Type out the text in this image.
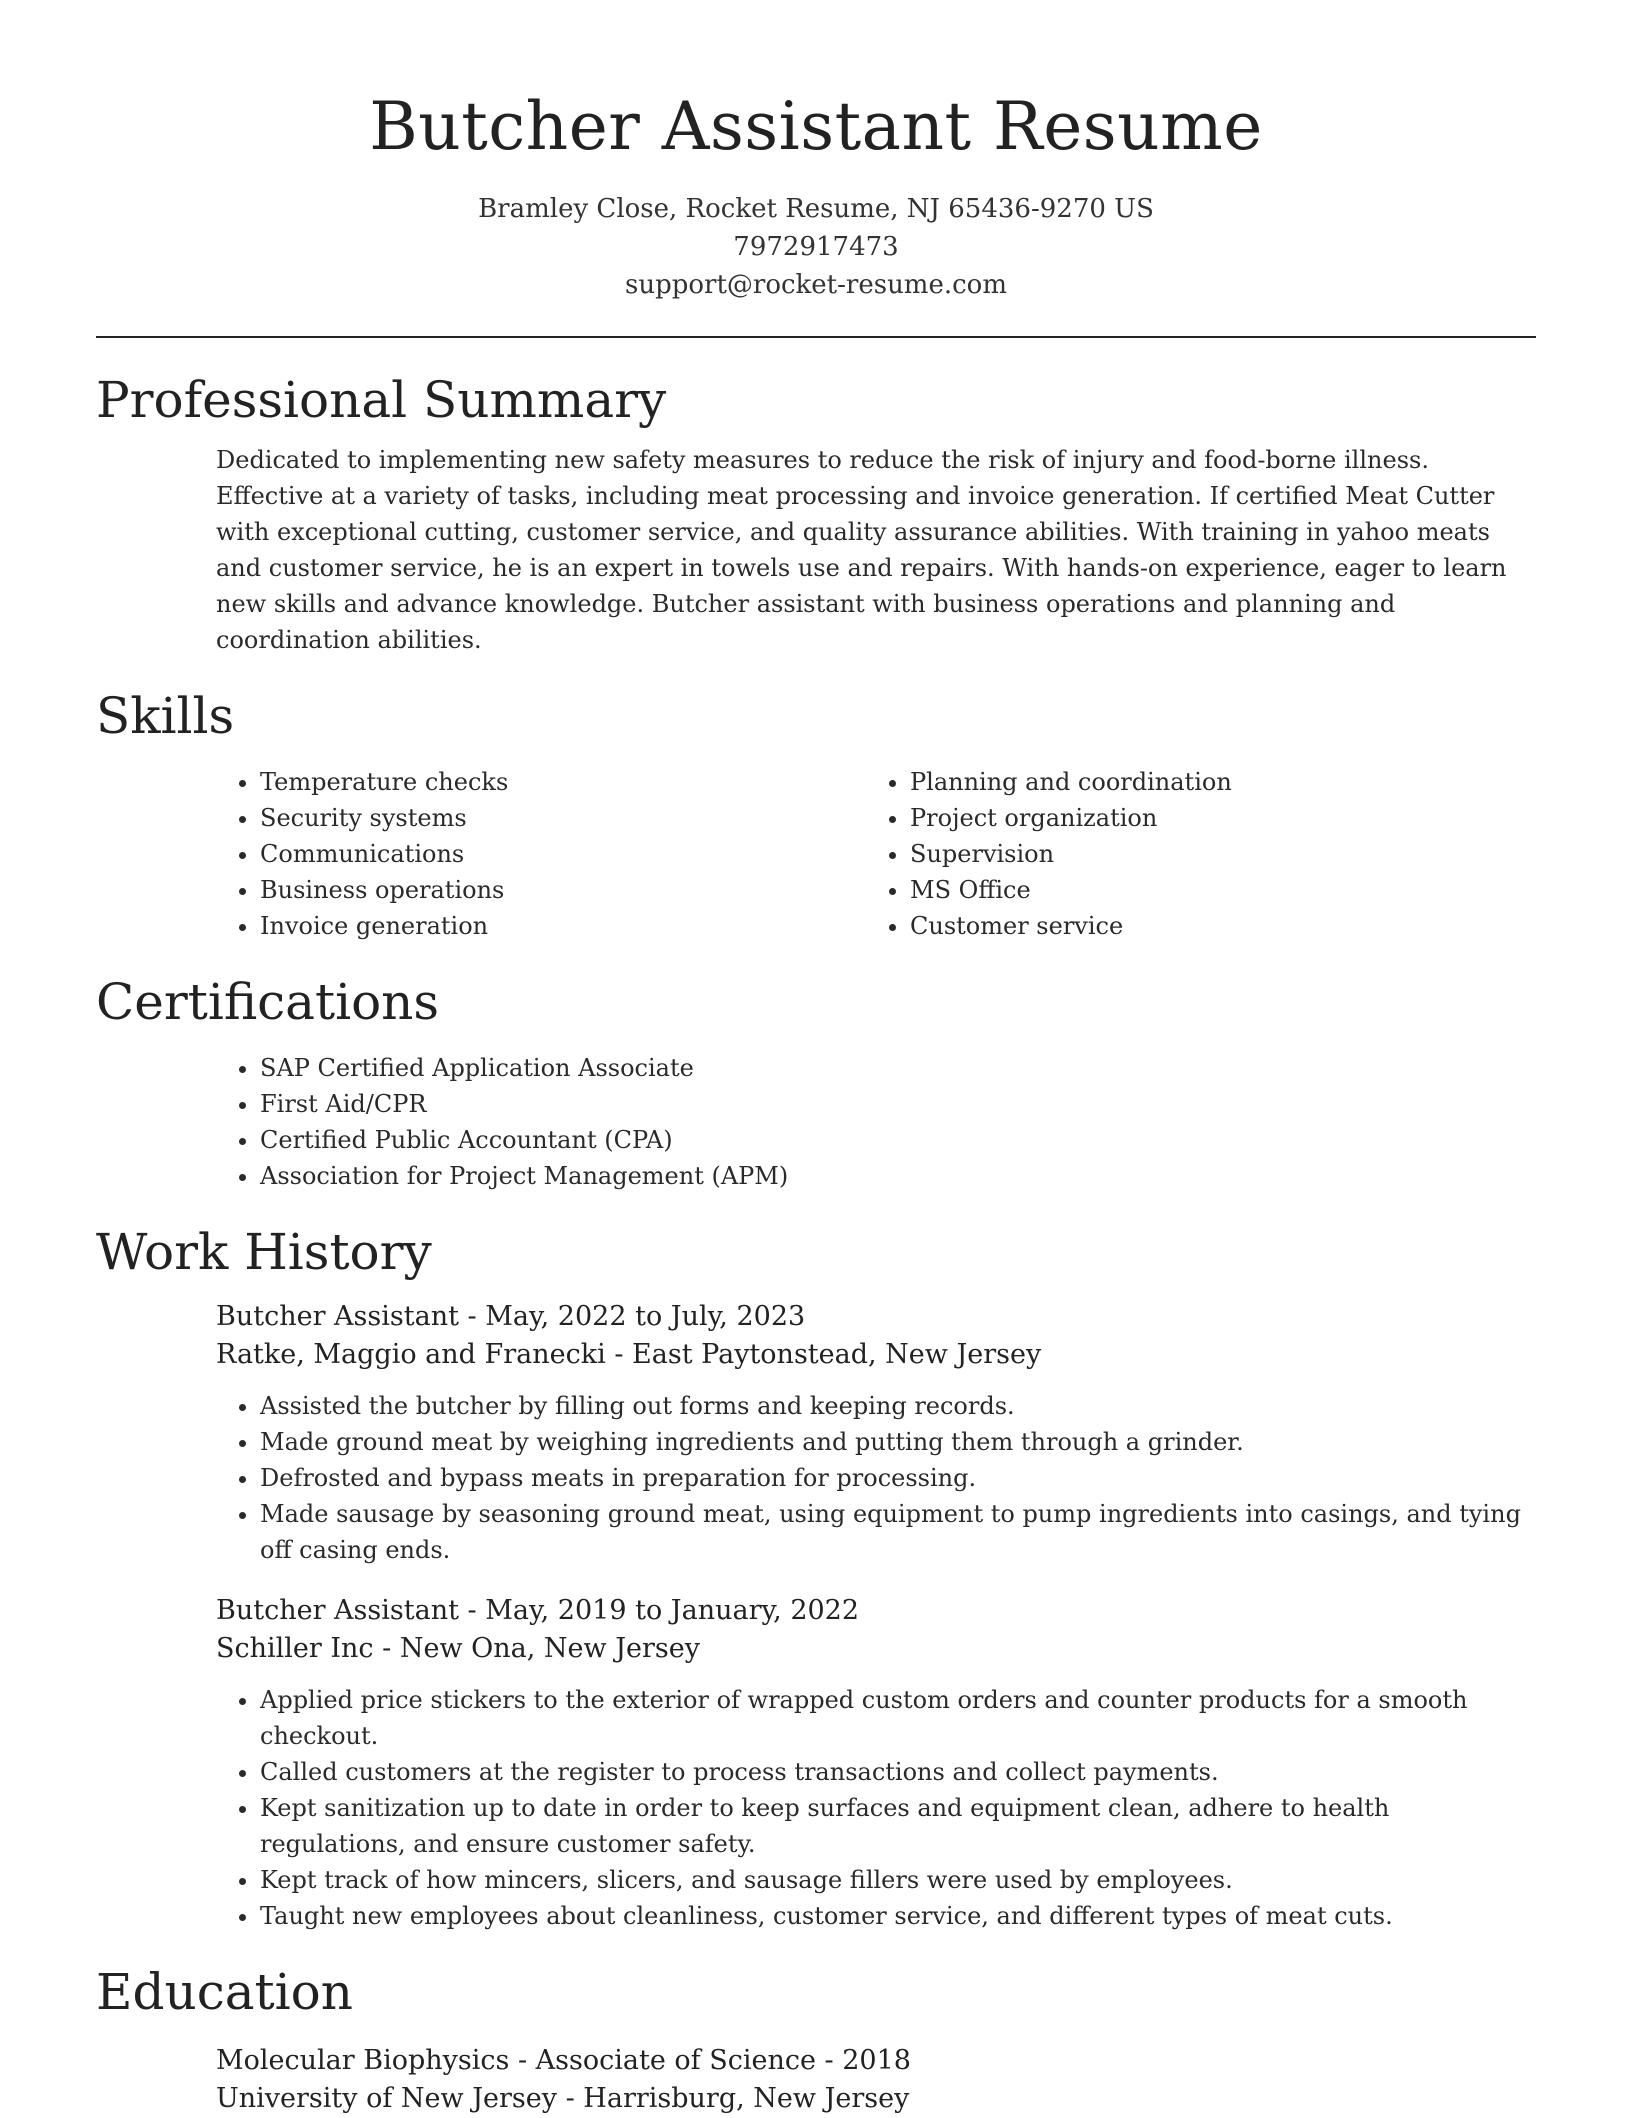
Butcher Assistant Resume
Bramley Close, Rocket Resume, NJ 65436-9270 US
7972917473
support@rocket-resume.com
Professional Summary

Dedicated to implementing new safety measures to reduce the risk of injury and food-borne illness. Effective at a variety of tasks, including meat processing and invoice generation. If certified Meat Cutter with exceptional cutting, customer service, and quality assurance abilities. With training in yahoo meats and customer service, he is an expert in towels use and repairs. With hands-on experience, eager to learn new skills and advance knowledge. Butcher assistant with business operations and planning and coordination abilities.

Skills
• Temperature checks
• Security systems
• Communications
• Business operations
• Invoice generation
• Planning and coordination
• Project organization
• Supervision
• MS Office
• Customer service
Certifications
• SAP Certified Application Associate
• First Aid/CPR
• Certified Public Accountant (CPA)
• Association for Project Management (APM)
Work History
Butcher Assistant - May, 2022 to July, 2023
Ratke, Maggio and Franecki - East Paytonstead, New Jersey
• Assisted the butcher by filling out forms and keeping records.
• Made ground meat by weighing ingredients and putting them through a grinder.
• Defrosted and bypass meats in preparation for processing.
• Made sausage by seasoning ground meat, using equipment to pump ingredients into casings, and tying off casing ends.
Butcher Assistant - May, 2019 to January, 2022
Schiller Inc - New Ona, New Jersey
• Applied price stickers to the exterior of wrapped custom orders and counter products for a smooth checkout.
• Called customers at the register to process transactions and collect payments.
• Kept sanitization up to date in order to keep surfaces and equipment clean, adhere to health regulations, and ensure customer safety.
• Kept track of how mincers, slicers, and sausage fillers were used by employees.
• Taught new employees about cleanliness, customer service, and different types of meat cuts.
Education
Molecular Biophysics - Associate of Science - 2018
University of New Jersey - Harrisburg, New Jersey
